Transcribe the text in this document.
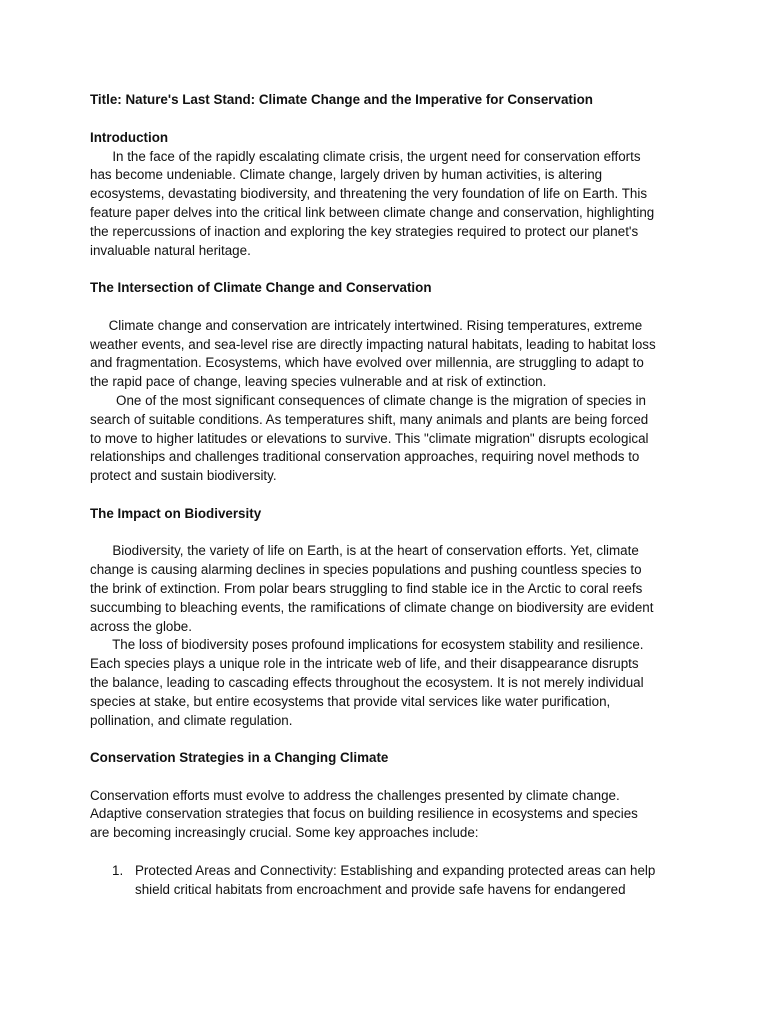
Title: Nature's Last Stand: Climate Change and the Imperative for Conservation

Introduction

In the face of the rapidly escalating climate crisis, the urgent need for conservation efforts
has become undeniable. Climate change, largely driven by human activities, is altering
ecosystems, devastating biodiversity, and threatening the very foundation of life on Earth. This
feature paper delves into the critical link between climate change and conservation, highlighting
the repercussions of inaction and exploring the key strategies required to protect our planet's
invaluable natural heritage.

The Intersection of Climate Change and Conservation

Climate change and conservation are intricately intertwined. Rising temperatures, extreme
weather events, and sea-level rise are directly impacting natural habitats, leading to habitat loss
and fragmentation. Ecosystems, which have evolved over millennia, are struggling to adapt to
the rapid pace of change, leaving species vulnerable and at risk of extinction.

One of the most significant consequences of climate change is the migration of species in
search of suitable conditions. As temperatures shift, many animals and plants are being forced
to move to higher latitudes or elevations to survive. This "climate migration" disrupts ecological
relationships and challenges traditional conservation approaches, requiring novel methods to
protect and sustain biodiversity.

The Impact on Biodiversity

Biodiversity, the variety of life on Earth, is at the heart of conservation efforts. Yet, climate
change is causing alarming declines in species populations and pushing countless species to
the brink of extinction. From polar bears struggling to find stable ice in the Arctic to coral reefs
succumbing to bleaching events, the ramifications of climate change on biodiversity are evident
across the globe.

The loss of biodiversity poses profound implications for ecosystem stability and resilience.
Each species plays a unique role in the intricate web of life, and their disappearance disrupts
the balance, leading to cascading effects throughout the ecosystem. It is not merely individual
species at stake, but entire ecosystems that provide vital services like water purification,
pollination, and climate regulation.

Conservation Strategies in a Changing Climate

Conservation efforts must evolve to address the challenges presented by climate change.
Adaptive conservation strategies that focus on building resilience in ecosystems and species
are becoming increasingly crucial. Some key approaches include:

1. Protected Areas and Connectivity: Establishing and expanding protected areas can help
shield critical habitats from encroachment and provide safe havens for endangered
